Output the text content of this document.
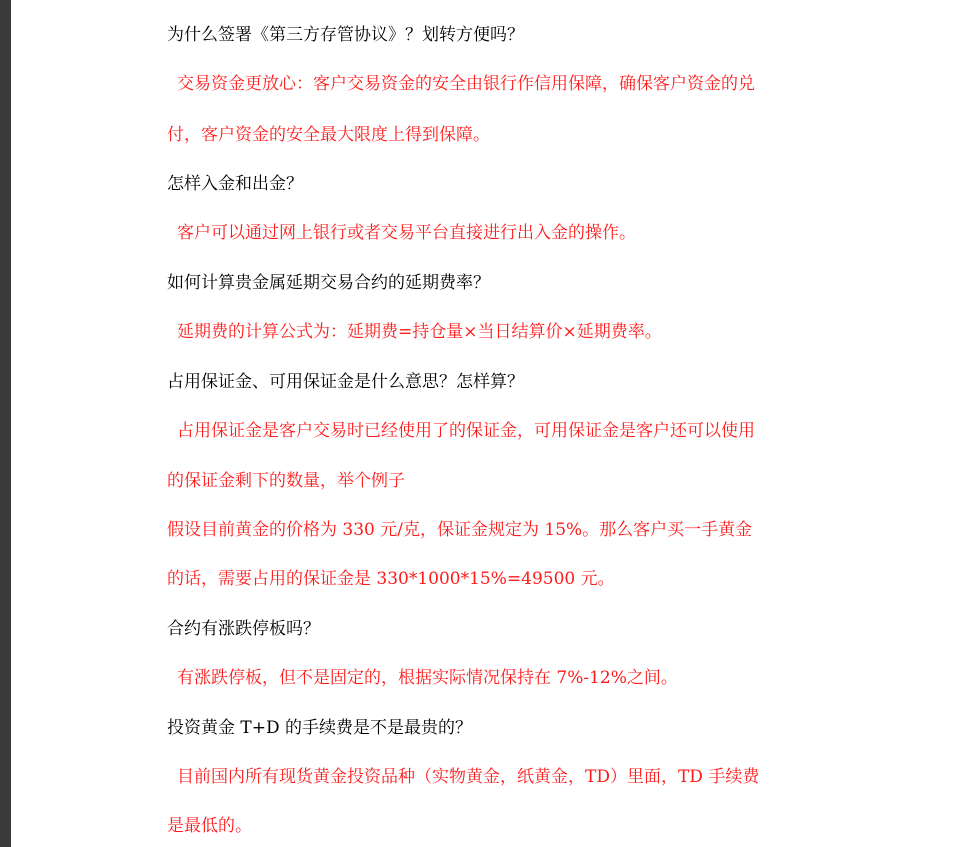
为什么签署《第三方存管协议》？划转方便吗？
交易资金更放心：客户交易资金的安全由银行作信用保障，确保客户资金的兑
付，客户资金的安全最大限度上得到保障。
怎样入金和出金？
客户可以通过网上银行或者交易平台直接进行出入金的操作。
如何计算贵金属延期交易合约的延期费率？
延期费的计算公式为：延期费=持仓量×当日结算价×延期费率。
占用保证金、可用保证金是什么意思？怎样算？
占用保证金是客户交易时已经使用了的保证金，可用保证金是客户还可以使用
的保证金剩下的数量，举个例子
假设目前黄金的价格为 330 元/克，保证金规定为 15%。那么客户买一手黄金
的话，需要占用的保证金是 330*1000*15%=49500 元。
合约有涨跌停板吗？
有涨跌停板，但不是固定的，根据实际情况保持在 7%-12%之间。
投资黄金 T+D 的手续费是不是最贵的？
目前国内所有现货黄金投资品种（实物黄金，纸黄金，TD）里面，TD 手续费
是最低的。
